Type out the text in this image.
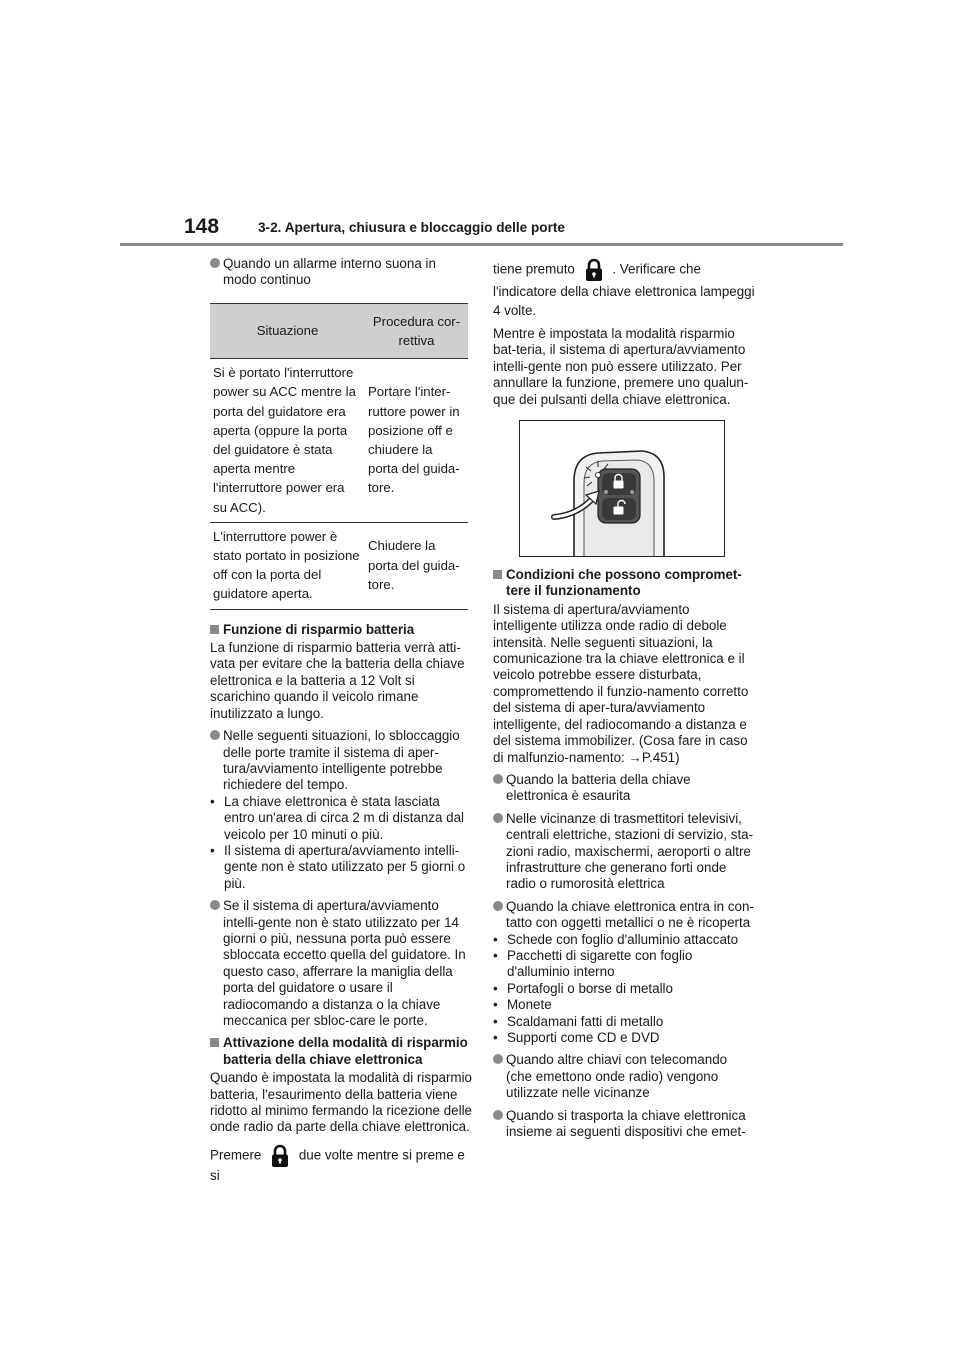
148	3-2. Apertura, chiusura e bloccaggio delle porte
Quando un allarme interno suona in modo continuo
Situazione	Procedura cor-rettiva
Si è portato l'interruttore power su ACC mentre la porta del guidatore era aperta (oppure la porta del guidatore è stata aperta mentre l'interruttore power era su ACC).	Portare l'inter-ruttore power in posizione off e chiudere la porta del guida-tore.
L'interruttore power è stato portato in posizione off con la porta del guidatore aperta.	Chiudere la porta del guida-tore.
Funzione di risparmio batteria
La funzione di risparmio batteria verrà atti-vata per evitare che la batteria della chiave elettronica e la batteria a 12 Volt si scarichino quando il veicolo rimane inutilizzato a lungo.
Nelle seguenti situazioni, lo sbloccaggio delle porte tramite il sistema di aper-tura/avviamento intelligente potrebbe richiedere del tempo.
• La chiave elettronica è stata lasciata entro un'area di circa 2 m di distanza dal veicolo per 10 minuti o più.
• Il sistema di apertura/avviamento intelli-gente non è stato utilizzato per 5 giorni o più.
Se il sistema di apertura/avviamento intelli-gente non è stato utilizzato per 14 giorni o più, nessuna porta può essere sbloccata eccetto quella del guidatore. In questo caso, afferrare la maniglia della porta del guidatore o usare il radiocomando a distanza o la chiave meccanica per sbloc-care le porte.
Attivazione della modalità di risparmio batteria della chiave elettronica
Quando è impostata la modalità di risparmio batteria, l'esaurimento della batteria viene ridotto al minimo fermando la ricezione delle onde radio da parte della chiave elettronica.
Premere	due volte mentre si preme e si
tiene premuto	. Verificare che l'indicatore della chiave elettronica lampeggi 4 volte.
Mentre è impostata la modalità risparmio bat-teria, il sistema di apertura/avviamento intelli-gente non può essere utilizzato. Per annullare la funzione, premere uno qualun-que dei pulsanti della chiave elettronica.
Condizioni che possono compromet-tere il funzionamento
Il sistema di apertura/avviamento intelligente utilizza onde radio di debole intensità. Nelle seguenti situazioni, la comunicazione tra la chiave elettronica e il veicolo potrebbe essere disturbata, compromettendo il funzio-namento corretto del sistema di aper-tura/avviamento intelligente, del radiocomando a distanza e del sistema immobilizer. (Cosa fare in caso di malfunzio-namento: →P.451)
Quando la batteria della chiave elettronica è esaurita
Nelle vicinanze di trasmettitori televisivi, centrali elettriche, stazioni di servizio, sta-zioni radio, maxischermi, aeroporti o altre infrastrutture che generano forti onde radio o rumorosità elettrica
Quando la chiave elettronica entra in con-tatto con oggetti metallici o ne è ricoperta
• Schede con foglio d'alluminio attaccato
• Pacchetti di sigarette con foglio d'alluminio interno
• Portafogli o borse di metallo
• Monete
• Scaldamani fatti di metallo
• Supporti come CD e DVD
Quando altre chiavi con telecomando (che emettono onde radio) vengono utilizzate nelle vicinanze
Quando si trasporta la chiave elettronica insieme ai seguenti dispositivi che emet-
